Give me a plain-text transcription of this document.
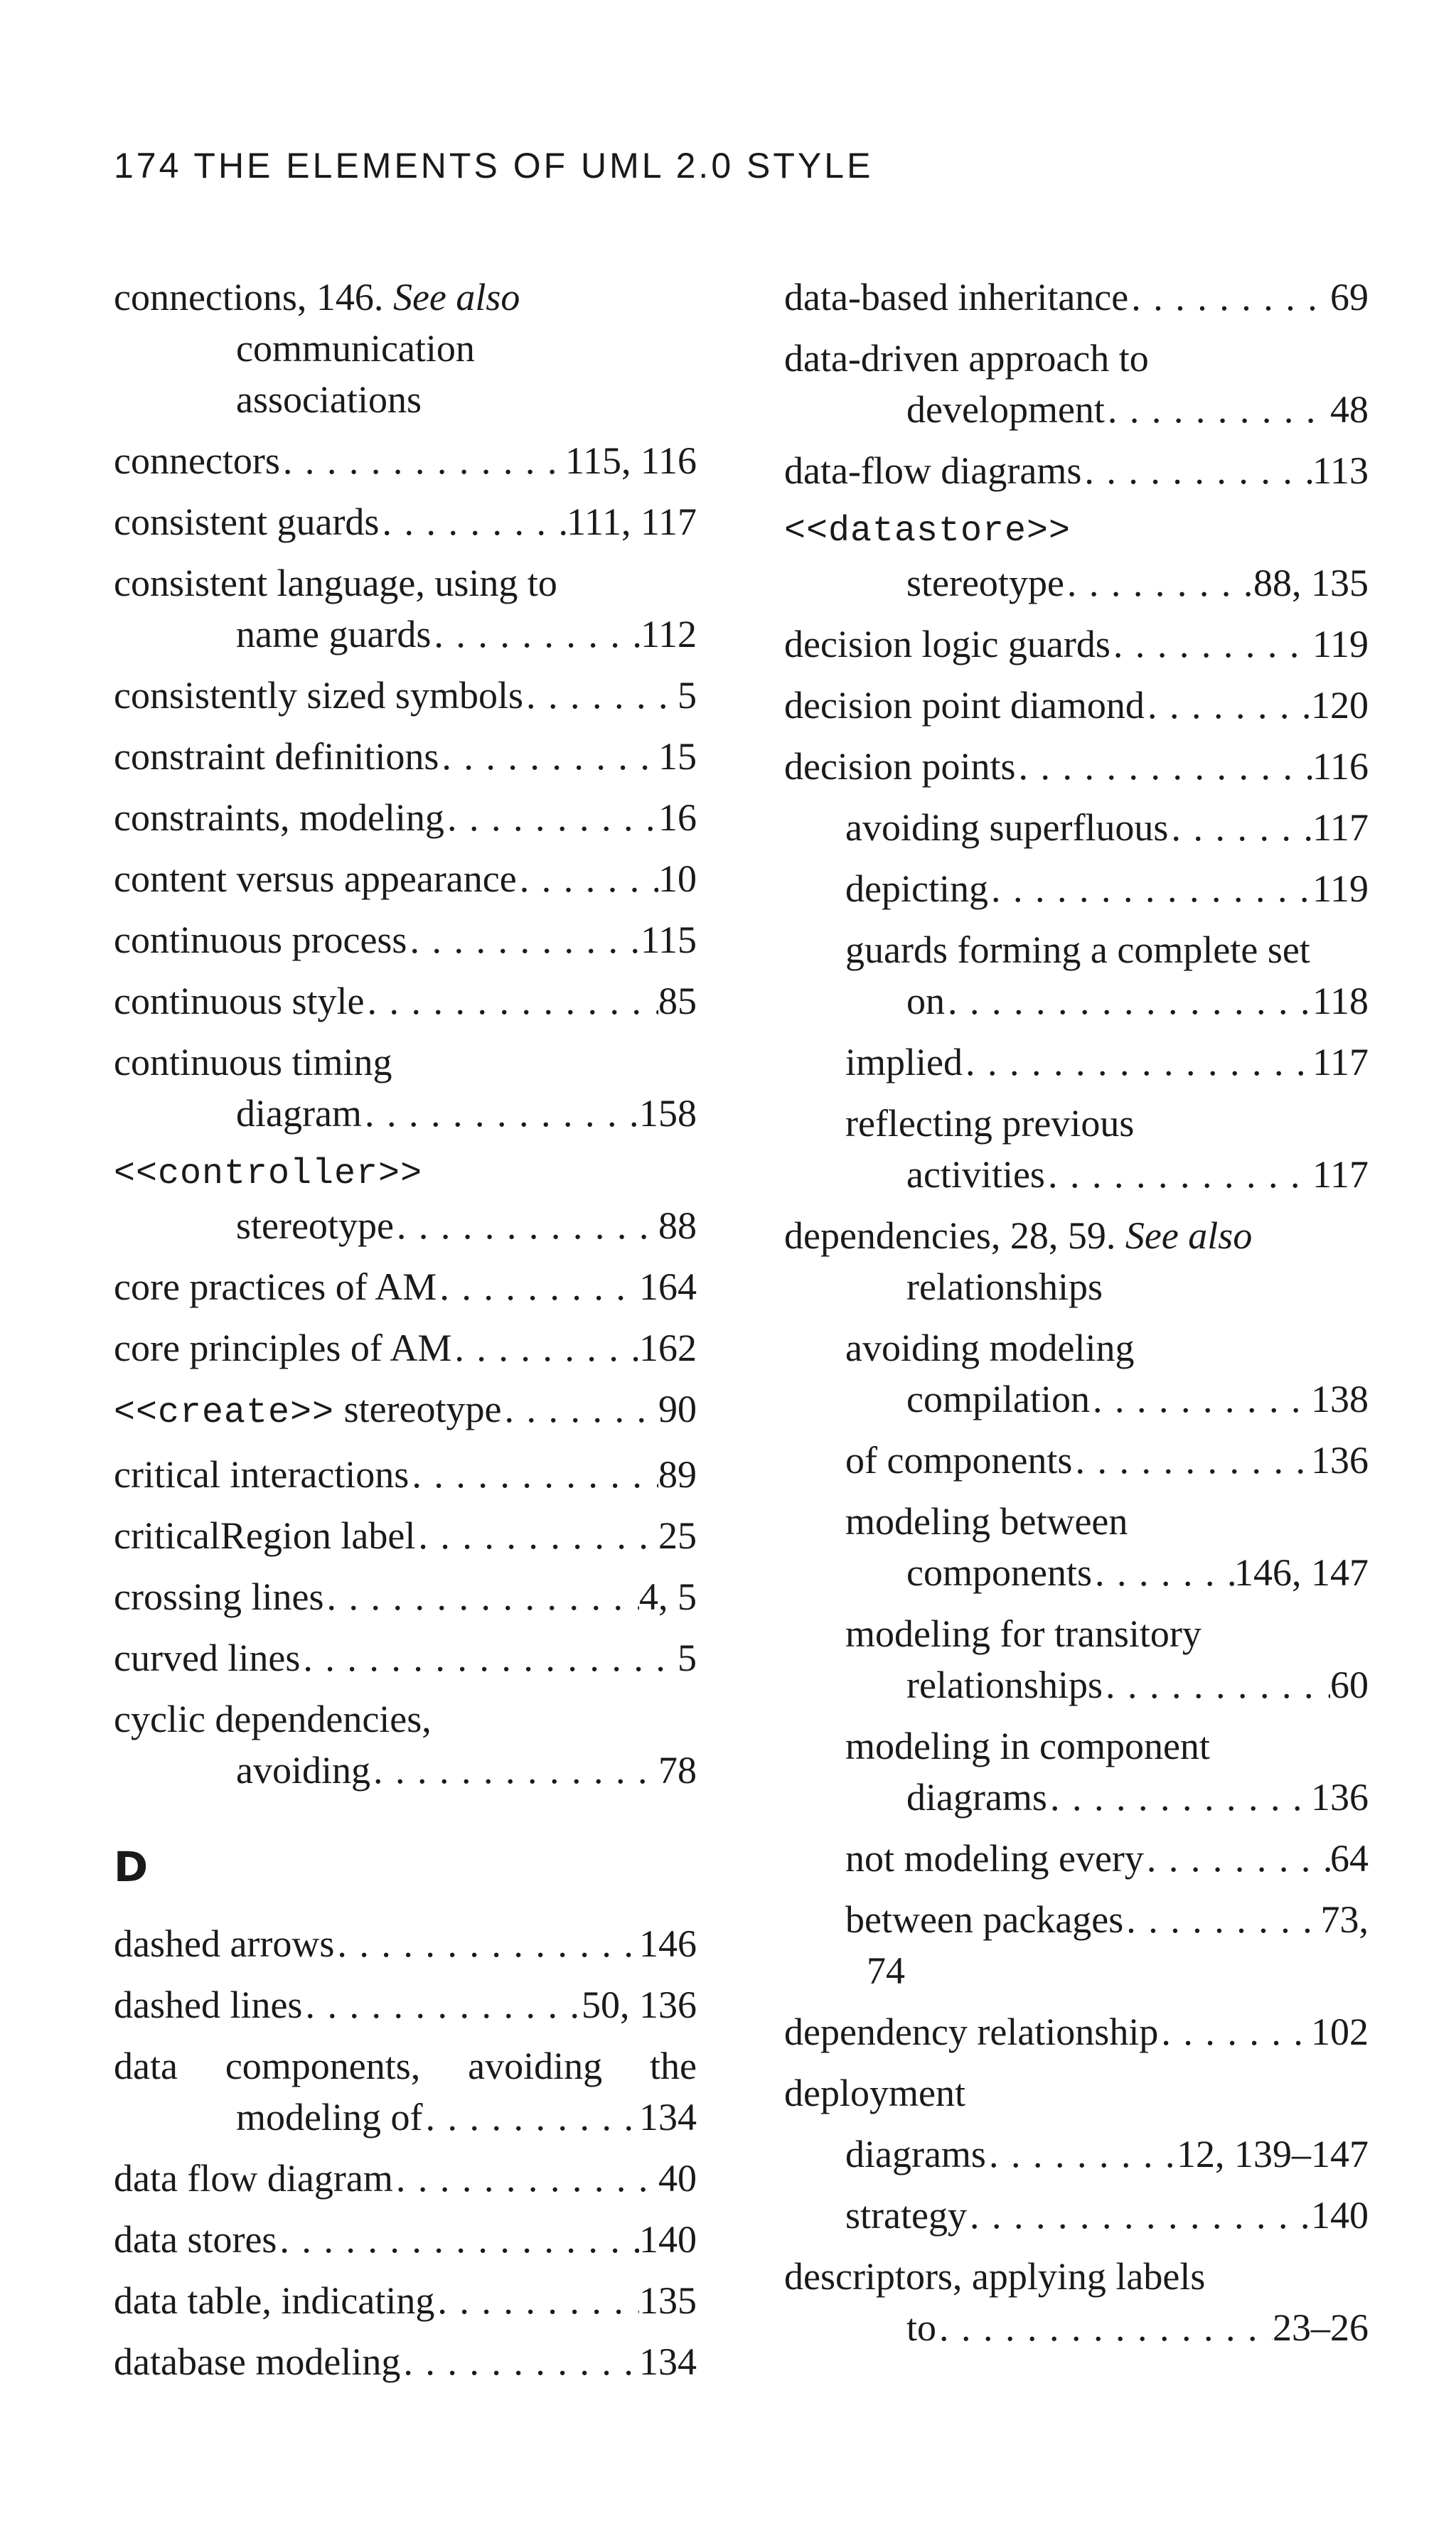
174 THE ELEMENTS OF UML 2.0 STYLE
connections, 146. See also
communication
associations
connectors . . .	115, 116
consistent guards . . .	111, 117
consistent language, using to
name guards . . .	112
consistently sized symbols . . .	5
constraint definitions . . .	15
constraints, modeling . . .	16
content versus appearance . . .	10
continuous process . . .	115
continuous style . . .	85
continuous timing
diagram . . .	158
<<controller>>
stereotype . . .	88
core practices of AM . . .	164
core principles of AM . . .	162
<<create>> stereotype . . .	90
critical interactions . . .	89
criticalRegion label . . .	25
crossing lines . . .	4, 5
curved lines . . .	5
cyclic dependencies,
avoiding . . .	78
D
dashed arrows . . .	146
dashed lines . . .	50, 136
data components, avoiding the
modeling of . . .	134
data flow diagram . . .	40
data stores . . .	140
data table, indicating . . .	135
database modeling . . .	134
data-based inheritance . . .	69
data-driven approach to
development . . .	48
data-flow diagrams . . .	113
<<datastore>>
stereotype . . .	88, 135
decision logic guards . . .	119
decision point diamond . . .	120
decision points . . .	116
avoiding superfluous . . .	117
depicting . . .	119
guards forming a complete set
on . . .	118
implied . . .	117
reflecting previous
activities . . .	117
dependencies, 28, 59. See also
relationships
avoiding modeling
compilation . . .	138
of components . . .	136
modeling between
components . . .	146, 147
modeling for transitory
relationships . . .	60
modeling in component
diagrams . . .	136
not modeling every . . .	64
between packages . . .	73,
74
dependency relationship . . .	102
deployment
diagrams . . .	12, 139–147
strategy . . .	140
descriptors, applying labels
to . . .	23–26
